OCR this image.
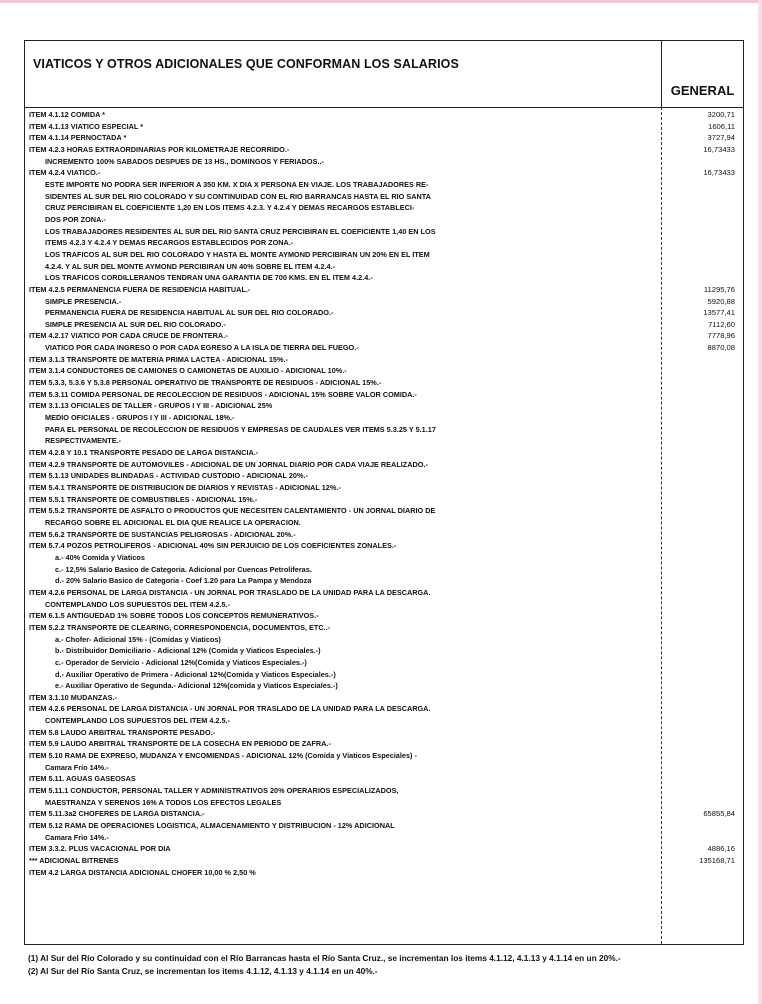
VIATICOS Y OTROS ADICIONALES QUE CONFORMAN LOS SALARIOS
GENERAL
ITEM 4.1.12 COMIDA *	3200,71
ITEM 4.1.13 VIATICO ESPECIAL *	1606,11
ITEM 4.1.14 PERNOCTADA *	3727,94
ITEM 4.2.3 HORAS EXTRAORDINARIAS POR KILOMETRAJE RECORRIDO.-	16,73433
INCREMENTO 100% SABADOS DESPUES DE 13 HS., DOMINGOS Y FERIADOS..-
ITEM 4.2.4 VIATICO.-	16,73433
ESTE IMPORTE NO PODRA SER INFERIOR A 350 KM. X DIA X PERSONA EN VIAJE. LOS TRABAJADORES RE-
SIDENTES AL SUR DEL RIO COLORADO Y SU CONTINUIDAD CON EL RIO BARRANCAS HASTA EL RIO SANTA
CRUZ PERCIBIRAN EL COEFICIENTE 1,20 EN LOS ITEMS 4.2.3. Y 4.2.4 Y DEMAS RECARGOS ESTABLECI-
DOS POR ZONA.-
LOS TRABAJADORES RESIDENTES AL SUR DEL RIO SANTA CRUZ PERCIBIRAN EL COEFICIENTE 1,40 EN LOS
ITEMS 4.2.3 Y 4.2.4 Y DEMAS RECARGOS ESTABLECIDOS POR ZONA.-
LOS TRAFICOS AL SUR DEL RIO COLORADO Y HASTA EL MONTE AYMOND PERCIBIRAN UN 20% EN EL ITEM
4.2.4. Y AL SUR DEL MONTE AYMOND PERCIBIRAN UN 40% SOBRE EL ITEM 4.2.4.-
LOS TRAFICOS CORDILLERANOS TENDRAN UNA GARANTIA DE 700 KMS. EN EL ITEM 4.2.4.-
ITEM 4.2.5 PERMANENCIA FUERA DE RESIDENCIA HABITUAL.-	11295,76
SIMPLE PRESENCIA.-	5920,88
PERMANENCIA FUERA DE RESIDENCIA HABITUAL AL SUR DEL RIO COLORADO.-	13577,41
SIMPLE PRESENCIA AL SUR DEL RIO COLORADO.-	7112,60
ITEM 4.2.17 VIATICO POR CADA CRUCE DE FRONTERA.-	7778,96
VIATICO POR CADA INGRESO O POR CADA EGRESO A LA ISLA DE TIERRA DEL FUEGO.-	8870,08
ITEM 3.1.3 TRANSPORTE DE MATERIA PRIMA LACTEA - ADICIONAL 15%.-
ITEM 3.1.4 CONDUCTORES DE CAMIONES O CAMIONETAS DE AUXILIO - ADICIONAL 10%.-
ITEM 5.3.3, 5.3.6 Y 5.3.8 PERSONAL OPERATIVO DE TRANSPORTE DE RESIDUOS - ADICIONAL 15%.-
ITEM 5.3.11 COMIDA PERSONAL DE RECOLECCION DE RESIDUOS - ADICIONAL 15% SOBRE VALOR COMIDA.-
ITEM 3.1.13 OFICIALES DE TALLER - GRUPOS I Y III - ADICIONAL 25%
MEDIO OFICIALES - GRUPOS I Y III - ADICIONAL 18%.-
PARA EL PERSONAL DE RECOLECCION DE RESIDUOS Y EMPRESAS DE CAUDALES VER ITEMS 5.3.25 Y 5.1.17
RESPECTIVAMENTE.-
ITEM 4.2.8 Y 10.1 TRANSPORTE PESADO DE LARGA DISTANCIA.-
ITEM 4.2.9 TRANSPORTE DE AUTOMOVILES - ADICIONAL DE UN JORNAL DIARIO POR CADA VIAJE REALIZADO.-
ITEM 5.1.13 UNIDADES BLINDADAS - ACTIVIDAD CUSTODIO - ADICIONAL 20%.-
ITEM 5.4.1 TRANSPORTE DE DISTRIBUCION DE DIARIOS Y REVISTAS - ADICIONAL 12%.-
ITEM 5.5.1 TRANSPORTE DE COMBUSTIBLES - ADICIONAL 15%.-
ITEM 5.5.2 TRANSPORTE DE ASFALTO O PRODUCTOS QUE NECESITEN CALENTAMIENTO - UN JORNAL DIARIO DE
RECARGO SOBRE EL ADICIONAL EL DIA QUE REALICE LA OPERACION.
ITEM 5.6.2 TRANSPORTE DE SUSTANCIAS PELIGROSAS - ADICIONAL 20%.-
ITEM 5.7.4 POZOS PETROLIFEROS - ADICIONAL 40% SIN PERJUICIO DE LOS COEFICIENTES ZONALES.-
a.- 40% Comida y Viaticos
c.- 12,5% Salario Basico de Categoria. Adicional por Cuencas Petroliferas.
d.- 20% Salario Basico de Categoria - Coef 1.20 para La Pampa y Mendoza
ITEM 4.2.6 PERSONAL DE LARGA DISTANCIA - UN JORNAL POR TRASLADO DE LA UNIDAD PARA LA DESCARGA.
CONTEMPLANDO LOS SUPUESTOS DEL ITEM 4.2.5.-
ITEM 6.1.5 ANTIGUEDAD 1% SOBRE TODOS LOS CONCEPTOS REMUNERATIVOS.-
ITEM 5.2.2 TRANSPORTE DE CLEARING, CORRESPONDENCIA, DOCUMENTOS, ETC..-
a.- Chofer- Adicional 15% - (Comidas y Viaticos)
b.- Distribuidor Domiciliario - Adicional 12% (Comida y Viaticos Especiales.-)
c.- Operador de Servicio - Adicional 12%(Comida y Viaticos Especiales.-)
d.- Auxiliar Operativo de Primera - Adicional 12%(Comida y Viaticos Especiales.-)
e.- Auxiliar Operativo de Segunda.- Adicional 12%(comida y Viaticos Especiales.-)
ITEM 3.1.10 MUDANZAS.-
ITEM 4.2.6 PERSONAL DE LARGA DISTANCIA - UN JORNAL POR TRASLADO DE LA UNIDAD PARA LA DESCARGA.
CONTEMPLANDO LOS SUPUESTOS DEL ITEM 4.2.5.-
ITEM 5.8 LAUDO ARBITRAL TRANSPORTE PESADO.-
ITEM 5.9 LAUDO ARBITRAL TRANSPORTE DE LA COSECHA EN PERIODO DE ZAFRA.-
ITEM 5.10 RAMA DE EXPRESO, MUDANZA Y ENCOMIENDAS - ADICIONAL 12% (Comida y Viaticos Especiales) -
Camara Frio 14%.-
ITEM 5.11. AGUAS GASEOSAS
ITEM 5.11.1 CONDUCTOR, PERSONAL TALLER Y ADMINISTRATIVOS 20% OPERARIOS ESPECIALIZADOS,
MAESTRANZA Y SERENOS 16% A TODOS LOS EFECTOS LEGALES
ITEM 5.11.3a2 CHOFERES DE LARGA DISTANCIA.-	65855,84
ITEM 5.12 RAMA DE OPERACIONES LOGISTICA, ALMACENAMIENTO Y DISTRIBUCION - 12% ADICIONAL
Camara Frio 14%.-
ITEM 3.3.2. PLUS VACACIONAL POR DIA	4886,16
*** ADICIONAL BITRENES	135168,71
ITEM 4.2 LARGA DISTANCIA ADICIONAL CHOFER 10,00 % 2,50 %
(1) Al Sur del Río Colorado y su continuidad con el Río Barrancas hasta el Río Santa Cruz., se incrementan los items 4.1.12, 4.1.13 y 4.1.14 en un 20%.-
(2) Al Sur del Río Santa Cruz, se incrementan los items 4.1.12, 4.1.13 y 4.1.14 en un 40%.-
